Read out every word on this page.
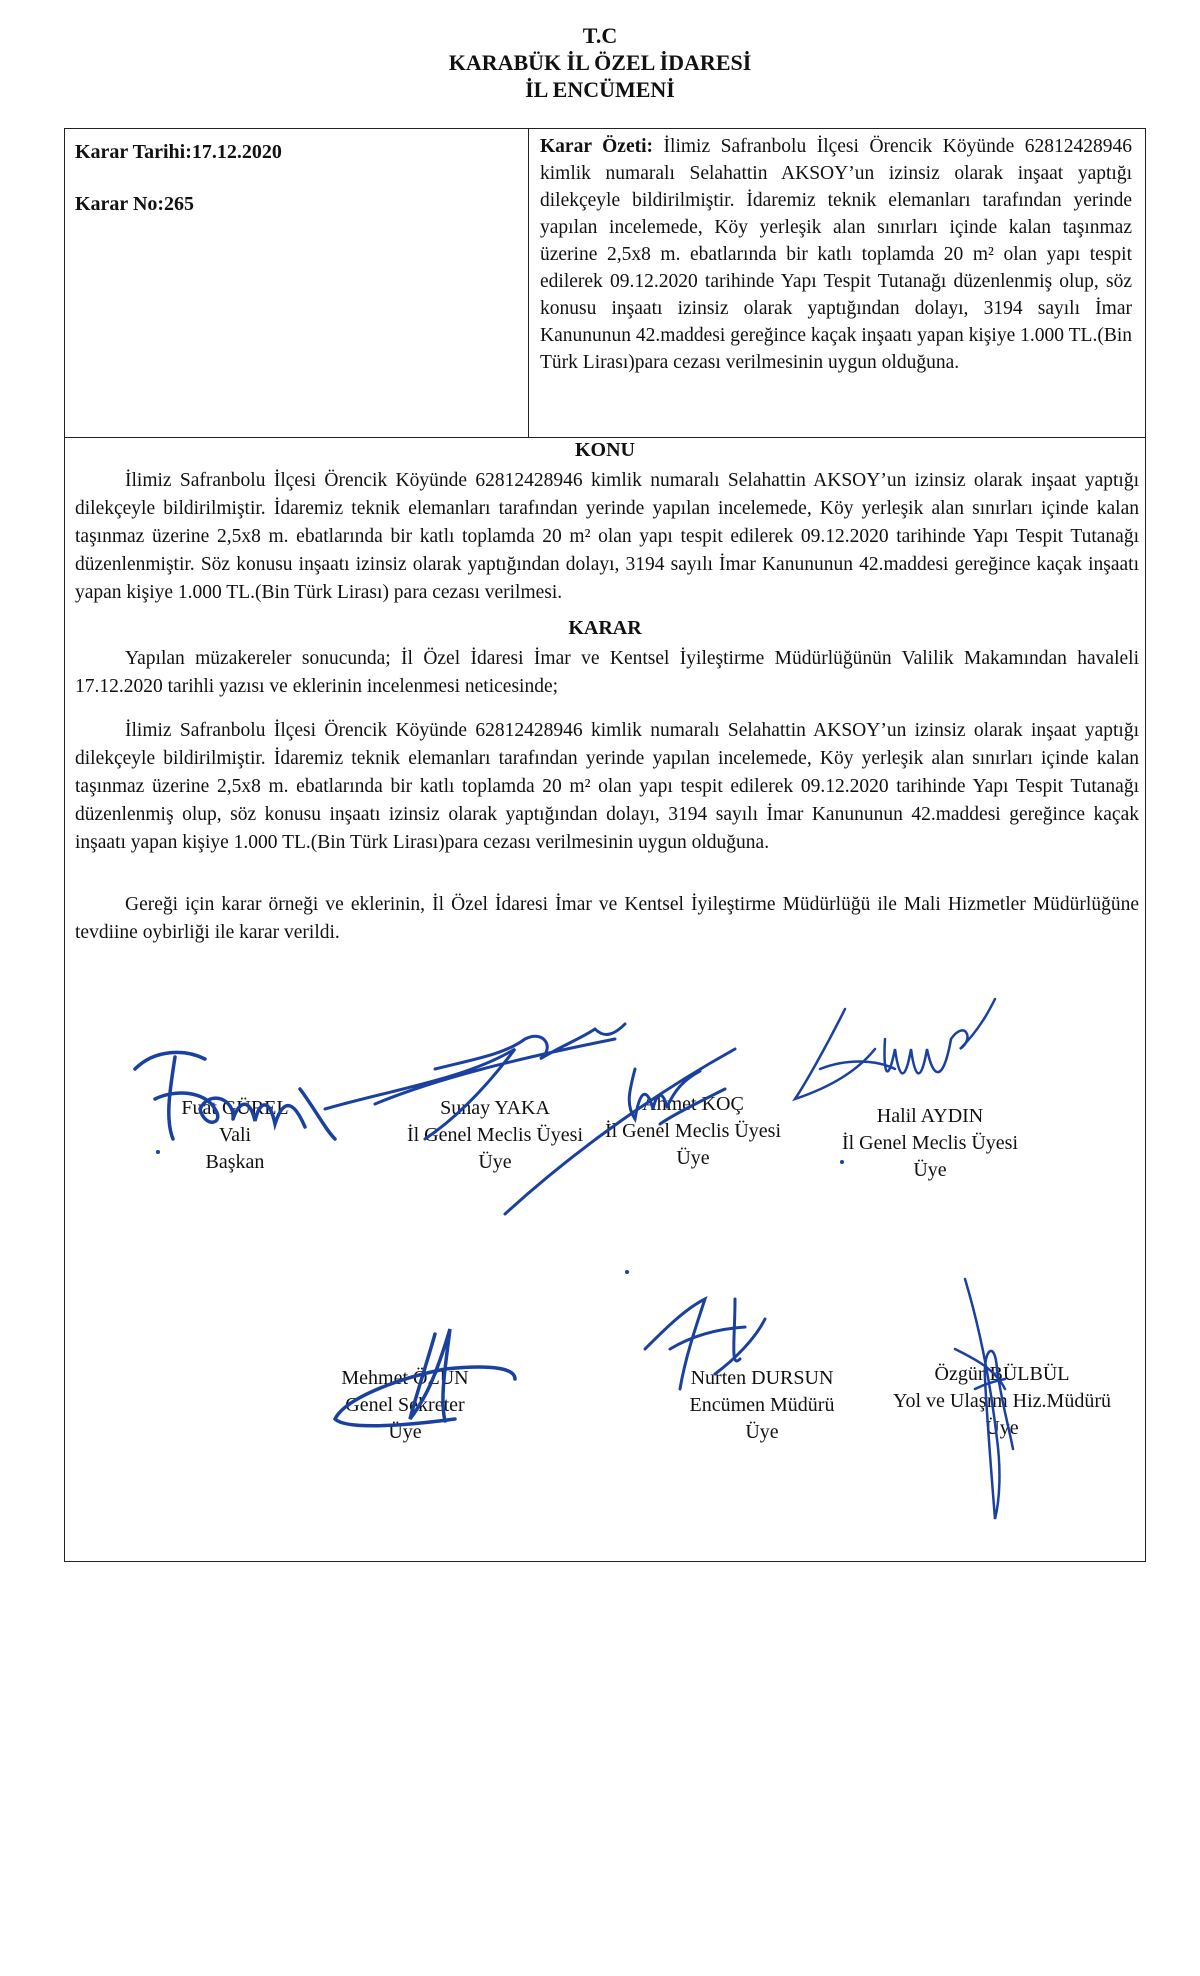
T.C
KARABÜK İL ÖZEL İDARESİ
İL ENCÜMENİ
Karar Tarihi:17.12.2020
Karar No:265
Karar Özeti: İlimiz Safranbolu İlçesi Örencik Köyünde 62812428946 kimlik numaralı Selahattin AKSOY’un izinsiz olarak inşaat yaptığı dilekçeyle bildirilmiştir. İdaremiz teknik elemanları tarafından yerinde yapılan incelemede, Köy yerleşik alan sınırları içinde kalan taşınmaz üzerine 2,5x8 m. ebatlarında bir katlı toplamda 20 m² olan yapı tespit edilerek 09.12.2020 tarihinde Yapı Tespit Tutanağı düzenlenmiş olup, söz konusu inşaatı izinsiz olarak yaptığından dolayı, 3194 sayılı İmar Kanununun 42.maddesi gereğince kaçak inşaatı yapan kişiye 1.000 TL.(Bin Türk Lirası)para cezası verilmesinin uygun olduğuna.
KONU
İlimiz Safranbolu İlçesi Örencik Köyünde 62812428946 kimlik numaralı Selahattin AKSOY’un izinsiz olarak inşaat yaptığı dilekçeyle bildirilmiştir. İdaremiz teknik elemanları tarafından yerinde yapılan incelemede, Köy yerleşik alan sınırları içinde kalan taşınmaz üzerine 2,5x8 m. ebatlarında bir katlı toplamda 20 m² olan yapı tespit edilerek 09.12.2020 tarihinde Yapı Tespit Tutanağı düzenlenmiştir. Söz konusu inşaatı izinsiz olarak yaptığından dolayı, 3194 sayılı İmar Kanununun 42.maddesi gereğince kaçak inşaatı yapan kişiye 1.000 TL.(Bin Türk Lirası) para cezası verilmesi.
KARAR
Yapılan müzakereler sonucunda; İl Özel İdaresi İmar ve Kentsel İyileştirme Müdürlüğünün Valilik Makamından havaleli 17.12.2020 tarihli yazısı ve eklerinin incelenmesi neticesinde;
İlimiz Safranbolu İlçesi Örencik Köyünde 62812428946 kimlik numaralı Selahattin AKSOY’un izinsiz olarak inşaat yaptığı dilekçeyle bildirilmiştir. İdaremiz teknik elemanları tarafından yerinde yapılan incelemede, Köy yerleşik alan sınırları içinde kalan taşınmaz üzerine 2,5x8 m. ebatlarında bir katlı toplamda 20 m² olan yapı tespit edilerek 09.12.2020 tarihinde Yapı Tespit Tutanağı düzenlenmiş olup, söz konusu inşaatı izinsiz olarak yaptığından dolayı, 3194 sayılı İmar Kanununun 42.maddesi gereğince kaçak inşaatı yapan kişiye 1.000 TL.(Bin Türk Lirası)para cezası verilmesinin uygun olduğuna.
Gereği için karar örneği ve eklerinin, İl Özel İdaresi İmar ve Kentsel İyileştirme Müdürlüğü ile Mali Hizmetler Müdürlüğüne tevdiine oybirliği ile karar verildi.
Fuat GÜREL
Vali
Başkan
Sunay YAKA
İl Genel Meclis Üyesi
Üye
Ahmet KOÇ
İl Genel Meclis Üyesi
Üye
Halil AYDIN
İl Genel Meclis Üyesi
Üye
Mehmet ÖZUN
Genel Sekreter
Üye
Nurten DURSUN
Encümen Müdürü
Üye
Özgür BÜLBÜL
Yol ve Ulaşım Hiz.Müdürü
Üye
